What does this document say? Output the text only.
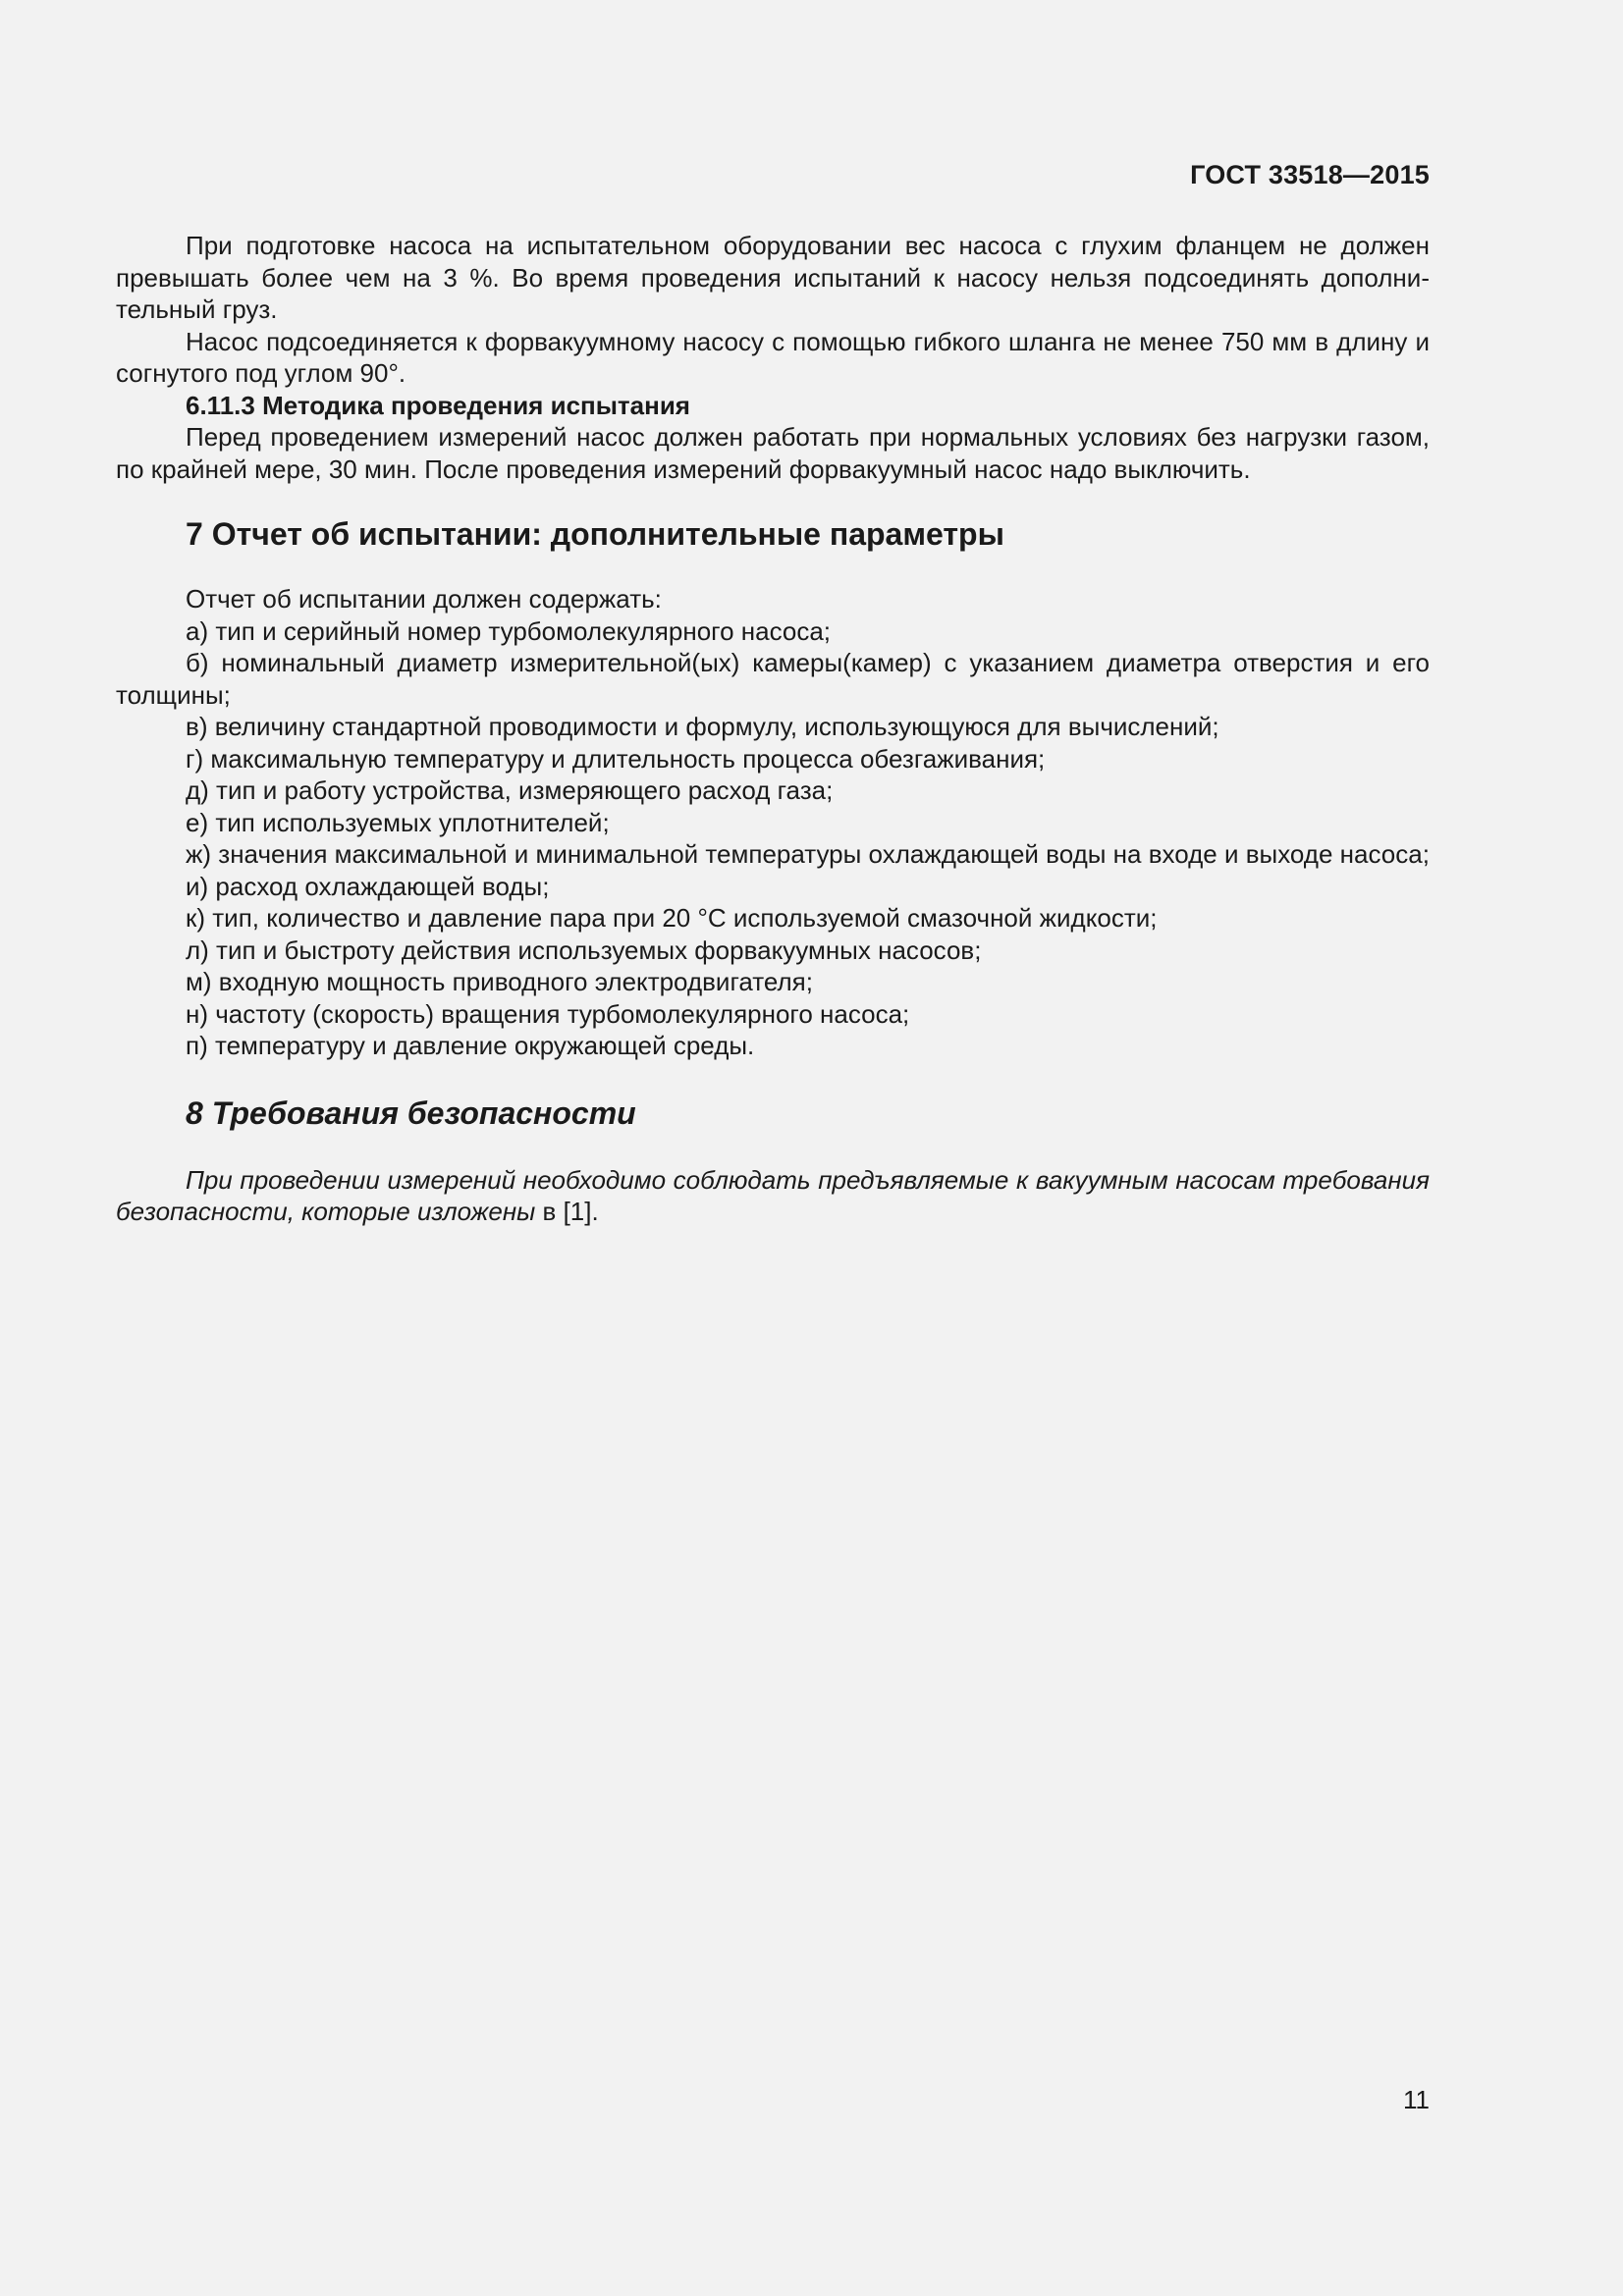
ГОСТ 33518—2015

При подготовке насоса на испытательном оборудовании вес насоса с глухим фланцем не должен превышать более чем на 3 %. Во время проведения испытаний к насосу нельзя подсоединять дополнительный груз.

Насос подсоединяется к форвакуумному насосу с помощью гибкого шланга не менее 750 мм в длину и согнутого под углом 90°.

6.11.3 Методика проведения испытания

Перед проведением измерений насос должен работать при нормальных условиях без нагрузки газом, по крайней мере, 30 мин. После проведения измерений форвакуумный насос надо выключить.

7 Отчет об испытании: дополнительные параметры

Отчет об испытании должен содержать:

а) тип и серийный номер турбомолекулярного насоса;

б) номинальный диаметр измерительной(ых) камеры(камер) с указанием диаметра отверстия и его толщины;

в) величину стандартной проводимости и формулу, использующуюся для вычислений;

г) максимальную температуру и длительность процесса обезгаживания;

д) тип и работу устройства, измеряющего расход газа;

е) тип используемых уплотнителей;

ж) значения максимальной и минимальной температуры охлаждающей воды на входе и выходе насоса;

и) расход охлаждающей воды;

к) тип, количество и давление пара при 20 °С используемой смазочной жидкости;

л) тип и быстроту действия используемых форвакуумных насосов;

м) входную мощность приводного электродвигателя;

н) частоту (скорость) вращения турбомолекулярного насоса;

п) температуру и давление окружающей среды.

8 Требования безопасности

При проведении измерений необходимо соблюдать предъявляемые к вакуумным насосам требования безопасности, которые изложены в [1].

11
